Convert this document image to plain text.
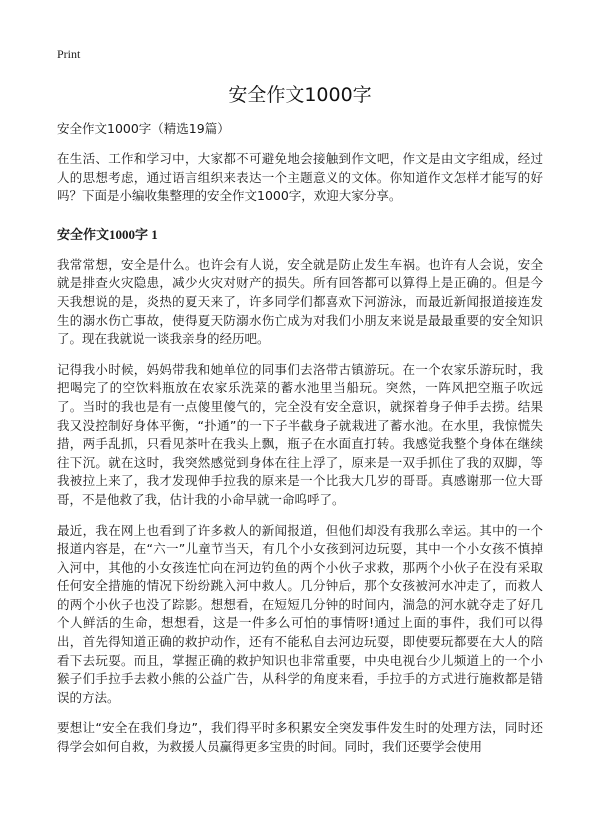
Print
安全作文1000字
安全作文1000字（精选19篇）

在生活、工作和学习中，大家都不可避免地会接触到作文吧，作文是由文字组成，经过人的思想考虑，通过语言组织来表达一个主题意义的文体。你知道作文怎样才能写的好吗？下面是小编收集整理的安全作文1000字，欢迎大家分享。

安全作文1000字 1

我常常想，安全是什么。也许会有人说，安全就是防止发生车祸。也许有人会说，安全就是排查火灾隐患，减少火灾对财产的损失。所有回答都可以算得上是正确的。但是今天我想说的是，炎热的夏天来了，许多同学们都喜欢下河游泳，而最近新闻报道接连发生的溺水伤亡事故，使得夏天防溺水伤亡成为对我们小朋友来说是最最重要的安全知识了。现在我就说一谈我亲身的经历吧。

记得我小时候，妈妈带我和她单位的同事们去洛带古镇游玩。在一个农家乐游玩时，我把喝完了的空饮料瓶放在农家乐洗菜的蓄水池里当船玩。突然，一阵风把空瓶子吹远了。当时的我也是有一点傻里傻气的，完全没有安全意识，就探着身子伸手去捞。结果我又没控制好身体平衡，“扑通”的一下子半截身子就栽进了蓄水池。在水里，我惊慌失措，两手乱抓，只看见茶叶在我头上飘，瓶子在水面直打转。我感觉我整个身体在继续往下沉。就在这时，我突然感觉到身体在往上浮了，原来是一双手抓住了我的双脚，等我被拉上来了，我才发现伸手拉我的原来是一个比我大几岁的哥哥。真感谢那一位大哥哥，不是他救了我，估计我的小命早就一命呜呼了。

最近，我在网上也看到了许多救人的新闻报道，但他们却没有我那么幸运。其中的一个报道内容是，在“六一”儿童节当天，有几个小女孩到河边玩耍，其中一个小女孩不慎掉入河中，其他的小女孩连忙向在河边钓鱼的两个小伙子求救，那两个小伙子在没有采取任何安全措施的情况下纷纷跳入河中救人。几分钟后，那个女孩被河水冲走了，而救人的两个小伙子也没了踪影。想想看，在短短几分钟的时间内，湍急的河水就夺走了好几个人鲜活的生命，想想看，这是一件多么可怕的事情呀!通过上面的事件，我们可以得出，首先得知道正确的救护动作，还有不能私自去河边玩耍，即使要玩都要在大人的陪看下去玩耍。而且，掌握正确的救护知识也非常重要，中央电视台少儿频道上的一个小猴子们手拉手去救小熊的公益广告，从科学的角度来看，手拉手的方式进行施救都是错误的方法。

要想让“安全在我们身边”，我们得平时多积累安全突发事件发生时的处理方法，同时还得学会如何自救，为救援人员赢得更多宝贵的时间。同时，我们还要学会使用
